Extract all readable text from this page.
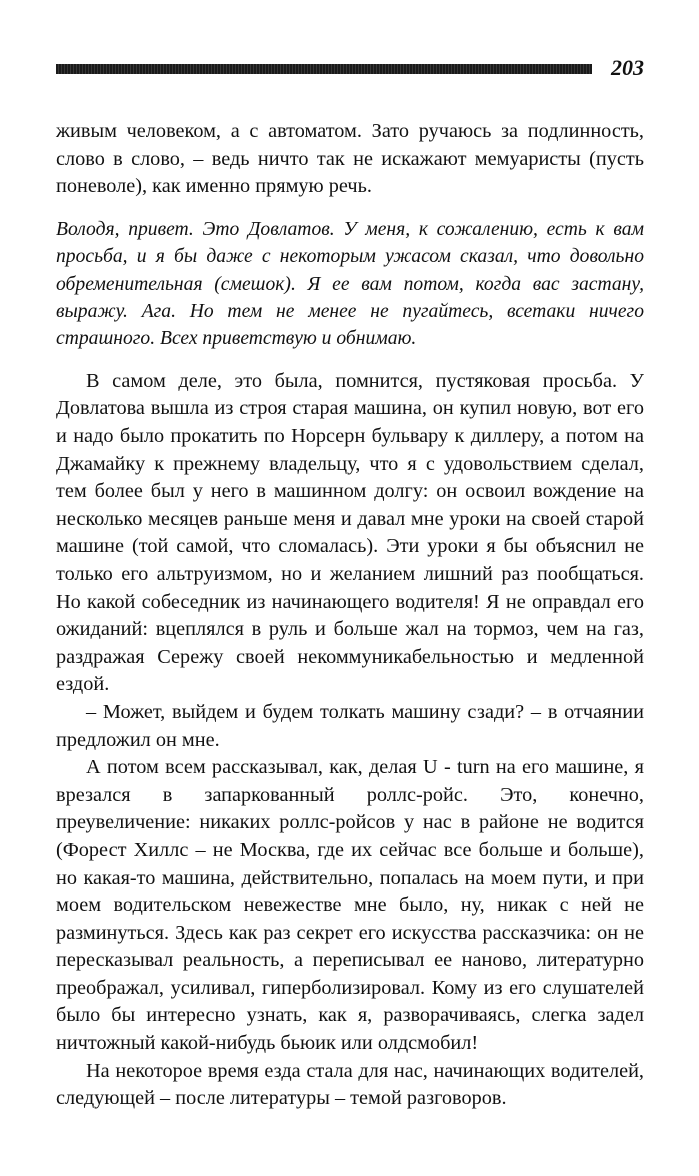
203

живым человеком, а с автоматом. Зато ручаюсь за подлинность, слово в слово, – ведь ничто так не искажают мемуаристы (пусть поневоле), как именно прямую речь.

Володя, привет. Это Довлатов. У меня, к сожалению, есть к вам просьба, и я бы даже с некоторым ужасом сказал, что довольно обременительная (смешок). Я ее вам потом, когда вас застану, выражу. Ага. Но тем не менее не пугайтесь, всетаки ничего страшного. Всех приветствую и обнимаю.

В самом деле, это была, помнится, пустяковая просьба. У Довлатова вышла из строя старая машина, он купил новую, вот его и надо было прокатить по Норсерн бульвару к диллеру, а потом на Джамайку к прежнему владельцу, что я с удовольствием сделал, тем более был у него в машинном долгу: он освоил вождение на несколько месяцев раньше меня и давал мне уроки на своей старой машине (той самой, что сломалась). Эти уроки я бы объяснил не только его альтруизмом, но и желанием лишний раз пообщаться. Но какой собеседник из начинающего водителя! Я не оправдал его ожиданий: вцеплялся в руль и больше жал на тормоз, чем на газ, раздражая Сережу своей некоммуникабельностью и медленной ездой.

– Может, выйдем и будем толкать машину сзади? – в отчаянии предложил он мне.

А потом всем рассказывал, как, делая U - turn на его машине, я врезался в запаркованный роллс-ройс. Это, конечно, преувеличение: никаких роллс-ройсов у нас в районе не водится (Форест Хиллс – не Москва, где их сейчас все больше и больше), но какая-то машина, действительно, попалась на моем пути, и при моем водительском невежестве мне было, ну, никак с ней не разминуться. Здесь как раз секрет его искусства рассказчика: он не пересказывал реальность, а переписывал ее наново, литературно преображал, усиливал, гиперболизировал. Кому из его слушателей было бы интересно узнать, как я, разворачиваясь, слегка задел ничтожный какой-нибудь бьюик или олдсмобил!

На некоторое время езда стала для нас, начинающих водителей, следующей – после литературы – темой разговоров.
